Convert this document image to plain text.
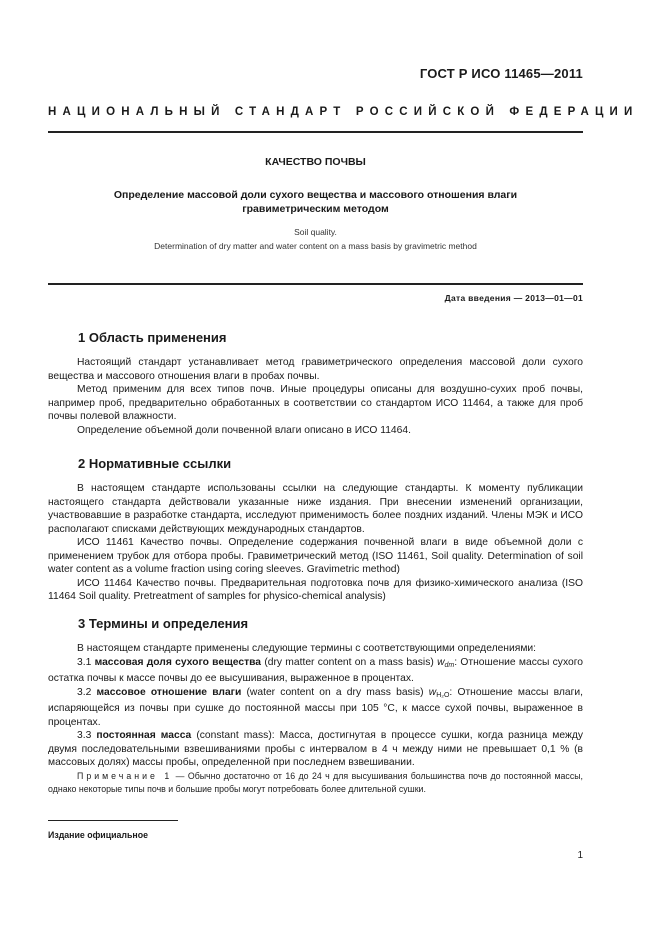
ГОСТ Р ИСО 11465—2011
НАЦИОНАЛЬНЫЙ СТАНДАРТ РОССИЙСКОЙ ФЕДЕРАЦИИ
КАЧЕСТВО ПОЧВЫ
Определение массовой доли сухого вещества и массового отношения влаги
гравиметрическим методом
Soil quality.
Determination of dry matter and water content on a mass basis by gravimetric method
Дата введения — 2013—01—01
1 Область применения

Настоящий стандарт устанавливает метод гравиметрического определения массовой доли сухого вещества и массового отношения влаги в пробах почвы.

Метод применим для всех типов почв. Иные процедуры описаны для воздушно-сухих проб почвы, например проб, предварительно обработанных в соответствии со стандартом ИСО 11464, а также для проб почвы полевой влажности.

Определение объемной доли почвенной влаги описано в ИСО 11464.

2 Нормативные ссылки

В настоящем стандарте использованы ссылки на следующие стандарты. К моменту публикации настоящего стандарта действовали указанные ниже издания. При внесении изменений организации, участвовавшие в разработке стандарта, исследуют применимость более поздних изданий. Члены МЭК и ИСО располагают списками действующих международных стандартов.

ИСО 11461 Качество почвы. Определение содержания почвенной влаги в виде объемной доли с применением трубок для отбора пробы. Гравиметрический метод (ISO 11461, Soil quality. Determination of soil water content as a volume fraction using coring sleeves. Gravimetric method)

ИСО 11464 Качество почвы. Предварительная подготовка почв для физико-химического анализа (ISO 11464 Soil quality. Pretreatment of samples for physico-chemical analysis)

3 Термины и определения

В настоящем стандарте применены следующие термины с соответствующими определениями:

3.1 массовая доля сухого вещества (dry matter content on a mass basis) $w_{dm}$: Отношение массы сухого остатка почвы к массе почвы до ее высушивания, выраженное в процентах.

3.2 массовое отношение влаги (water content on a dry mass basis) $w_{H_2O}$: Отношение массы влаги, испаряющейся из почвы при сушке до постоянной массы при 105 °С, к массе сухой почвы, выраженное в процентах.

3.3 постоянная масса (constant mass): Масса, достигнутая в процессе сушки, когда разница между двумя последовательными взвешиваниями пробы с интервалом в 4 ч между ними не превышает 0,1 % (в массовых долях) массы пробы, определенной при последнем взвешивании.

Примечание 1 — Обычно достаточно от 16 до 24 ч для высушивания большинства почв до постоянной массы, однако некоторые типы почв и большие пробы могут потребовать более длительной сушки.

Издание официальное
1
